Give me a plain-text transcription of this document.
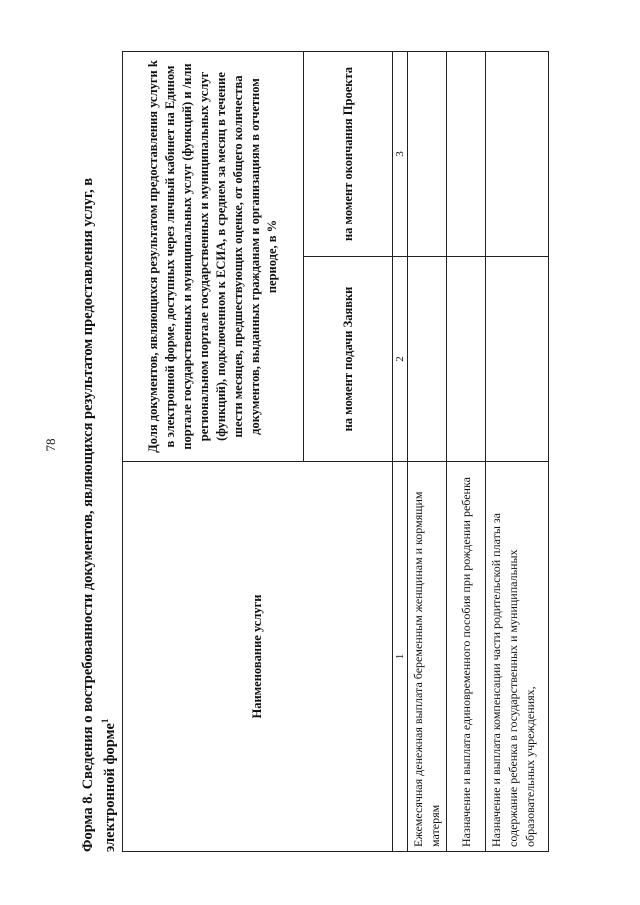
78	Форма 8. Сведения о востребованности документов, являющихся результатом предоставления услуг, в электронной форме$^1$
Наименование услуги	Доля документов, являющихся результатом предоставления услуги k в электронной форме, доступных через личный кабинет на Едином портале государственных и муниципальных услуг (функций) и /или региональном портале государственных и муниципальных услуг (функций), подключенном к ЕСИА, в среднем за месяц в течение шести месяцев, предшествующих оценке, от общего количества документов, выданных гражданам и организациям в отчетном периоде, в %	
	на момент подачи Заявки	на момент окончания Проекта
1	2	3
Ежемесячная денежная выплата беременным женщинам и кормящим матерям		
Назначение и выплата единовременного пособия при рождении ребенка		
Назначение и выплата компенсации части родительской платы за содержание ребенка в государственных и муниципальных образовательных учреждениях,		
